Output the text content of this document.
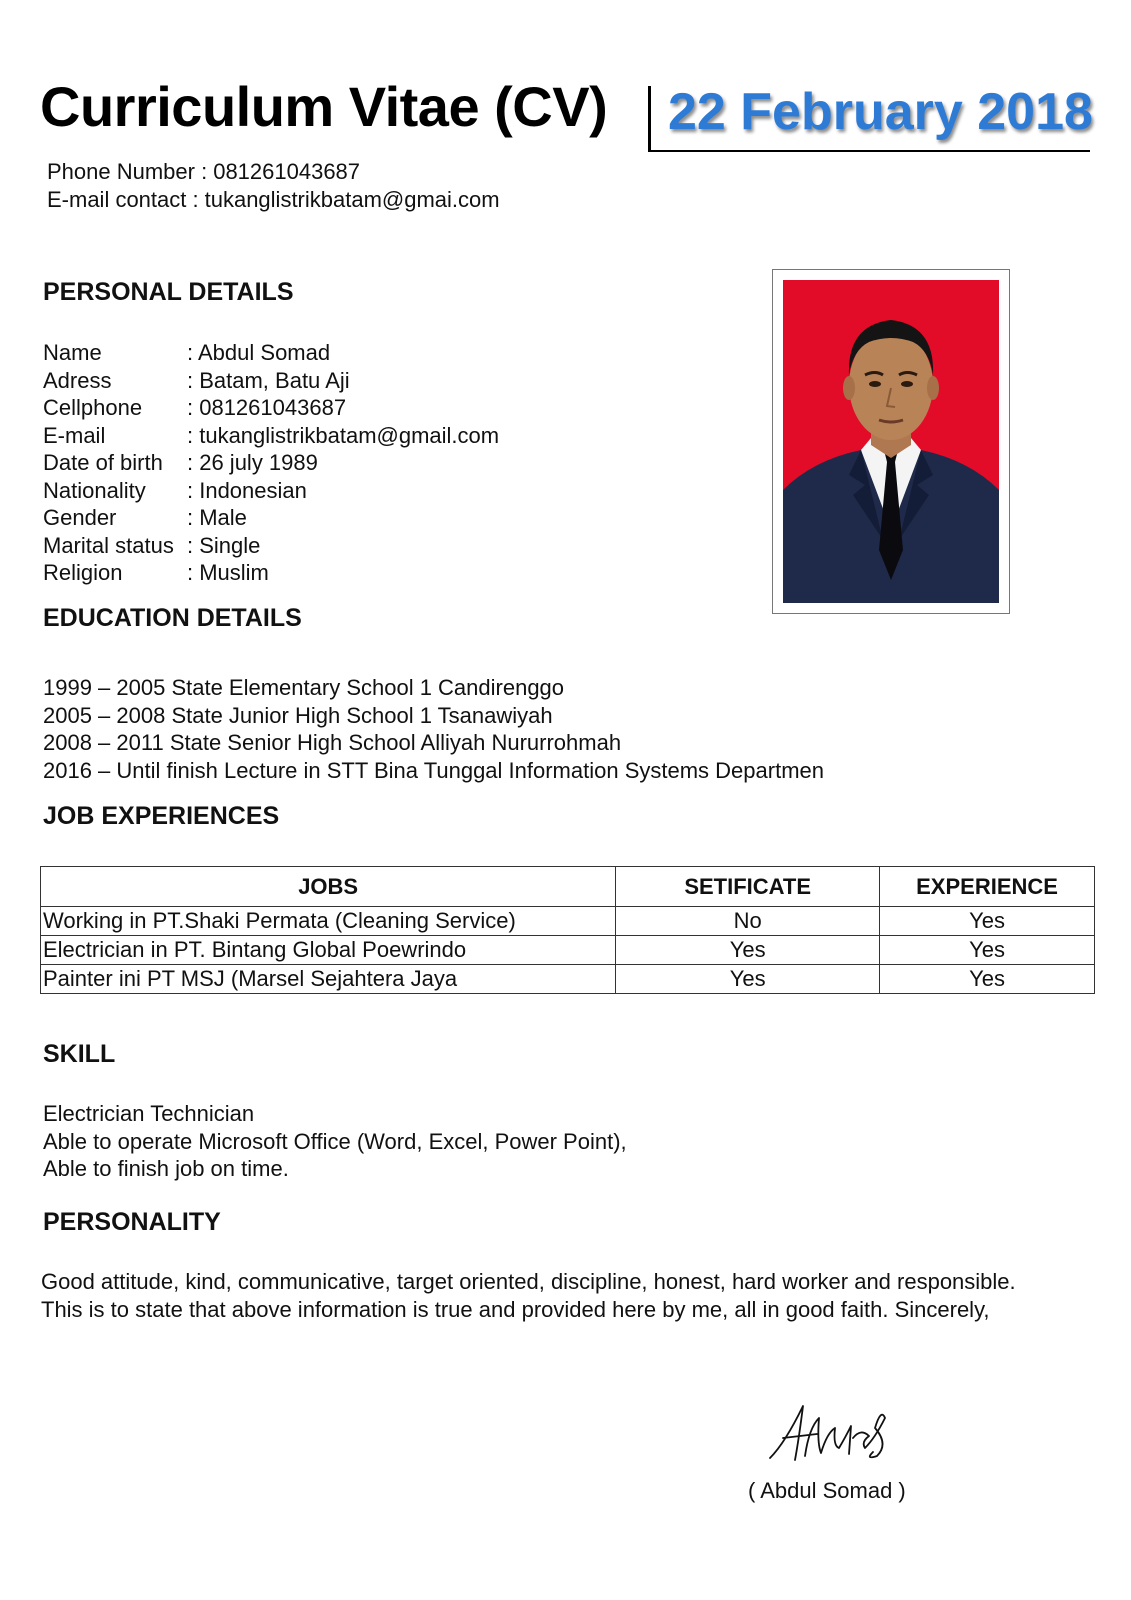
Curriculum Vitae (CV) 22 February 2018
Phone Number : 081261043687
E-mail contact : tukanglistrikbatam@gmai.com
PERSONAL DETAILS
Name	: Abdul Somad
Adress	: Batam, Batu Aji
Cellphone	: 081261043687
E-mail	: tukanglistrikbatam@gmail.com
Date of birth	: 26 july 1989
Nationality	: Indonesian
Gender	: Male
Marital status : Single
Religion	: Muslim
EDUCATION DETAILS
1999 – 2005 State Elementary School 1 Candirenggo
2005 – 2008 State Junior High School 1 Tsanawiyah
2008 – 2011 State Senior High School Alliyah Nururrohmah
2016 – Until finish Lecture in STT Bina Tunggal Information Systems Departmen
JOB EXPERIENCES
JOBS	SETIFICATE	EXPERIENCE
Working in PT.Shaki Permata (Cleaning Service)	No	Yes
Electrician in PT. Bintang Global Poewrindo	Yes	Yes
Painter ini PT MSJ (Marsel Sejahtera Jaya	Yes	Yes
SKILL
Electrician Technician
Able to operate Microsoft Office (Word, Excel, Power Point),
Able to finish job on time.
PERSONALITY
Good attitude, kind, communicative, target oriented, discipline, honest, hard worker and responsible.
This is to state that above information is true and provided here by me, all in good faith. Sincerely,
( Abdul Somad )
